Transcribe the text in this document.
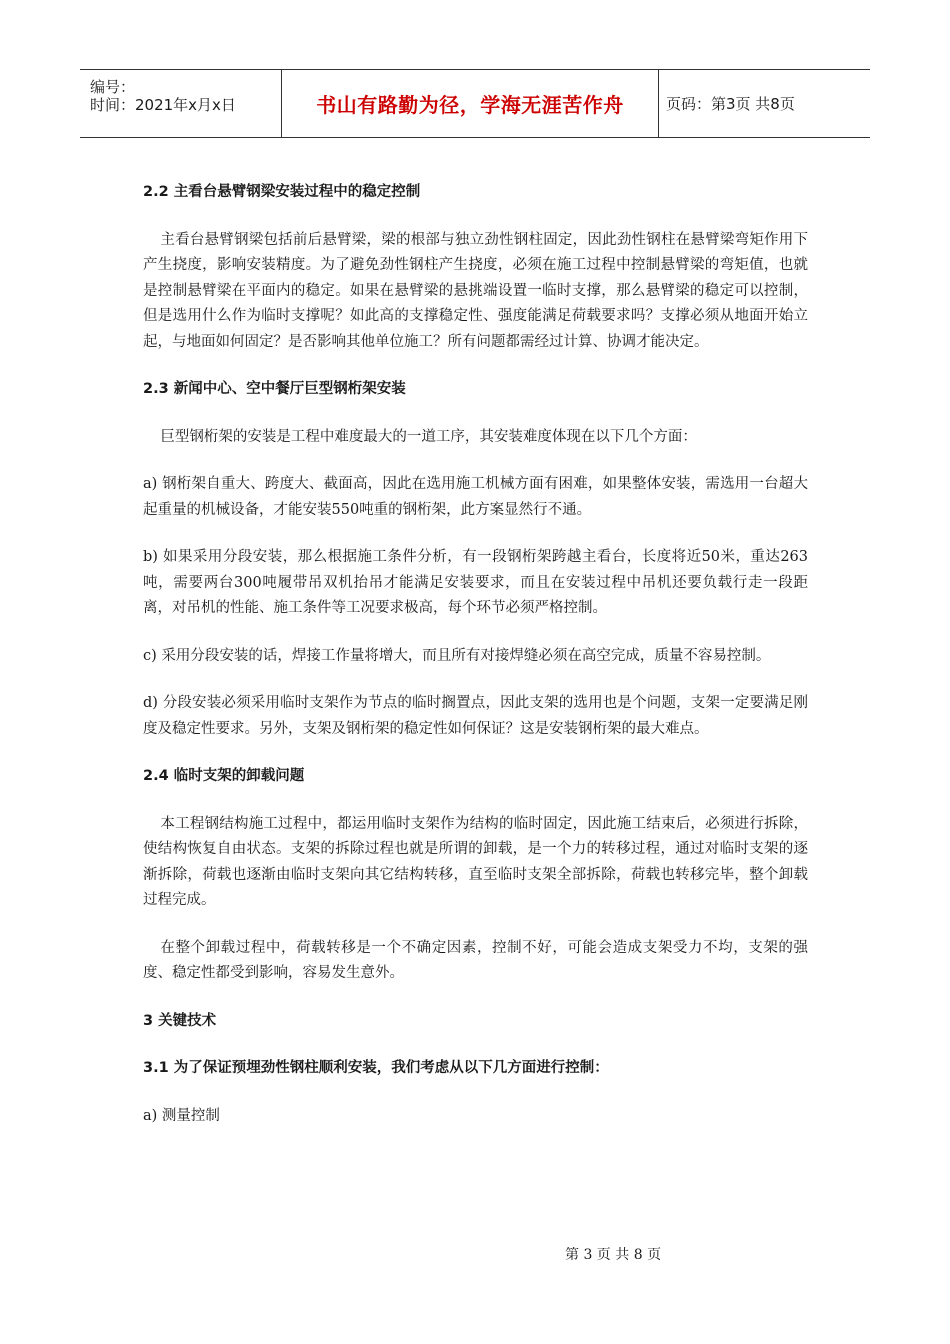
编号：
时间：2021年x月x日	书山有路勤为径，学海无涯苦作舟	页码：第3页 共8页
2.2 主看台悬臂钢梁安装过程中的稳定控制
主看台悬臂钢梁包括前后悬臂梁，梁的根部与独立劲性钢柱固定，因此劲性钢柱在悬臂梁弯矩作用下产生挠度，影响安装精度。为了避免劲性钢柱产生挠度，必须在施工过程中控制悬臂梁的弯矩值，也就是控制悬臂梁在平面内的稳定。如果在悬臂梁的悬挑端设置一临时支撑，那么悬臂梁的稳定可以控制，但是选用什么作为临时支撑呢？如此高的支撑稳定性、强度能满足荷载要求吗？支撑必须从地面开始立起，与地面如何固定？是否影响其他单位施工？所有问题都需经过计算、协调才能决定。
2.3 新闻中心、空中餐厅巨型钢桁架安装
巨型钢桁架的安装是工程中难度最大的一道工序，其安装难度体现在以下几个方面：
a) 钢桁架自重大、跨度大、截面高，因此在选用施工机械方面有困难，如果整体安装，需选用一台超大起重量的机械设备，才能安装550吨重的钢桁架，此方案显然行不通。
b) 如果采用分段安装，那么根据施工条件分析，有一段钢桁架跨越主看台，长度将近50米，重达263吨，需要两台300吨履带吊双机抬吊才能满足安装要求，而且在安装过程中吊机还要负载行走一段距离，对吊机的性能、施工条件等工况要求极高，每个环节必须严格控制。
c) 采用分段安装的话，焊接工作量将增大，而且所有对接焊缝必须在高空完成，质量不容易控制。
d) 分段安装必须采用临时支架作为节点的临时搁置点，因此支架的选用也是个问题，支架一定要满足刚度及稳定性要求。另外，支架及钢桁架的稳定性如何保证？这是安装钢桁架的最大难点。
2.4 临时支架的卸载问题
本工程钢结构施工过程中，都运用临时支架作为结构的临时固定，因此施工结束后，必须进行拆除，使结构恢复自由状态。支架的拆除过程也就是所谓的卸载，是一个力的转移过程，通过对临时支架的逐渐拆除，荷载也逐渐由临时支架向其它结构转移，直至临时支架全部拆除，荷载也转移完毕，整个卸载过程完成。
在整个卸载过程中，荷载转移是一个不确定因素，控制不好，可能会造成支架受力不均，支架的强度、稳定性都受到影响，容易发生意外。
3 关键技术
3.1 为了保证预埋劲性钢柱顺利安装，我们考虑从以下几方面进行控制：
a) 测量控制
第 3 页 共 8 页
